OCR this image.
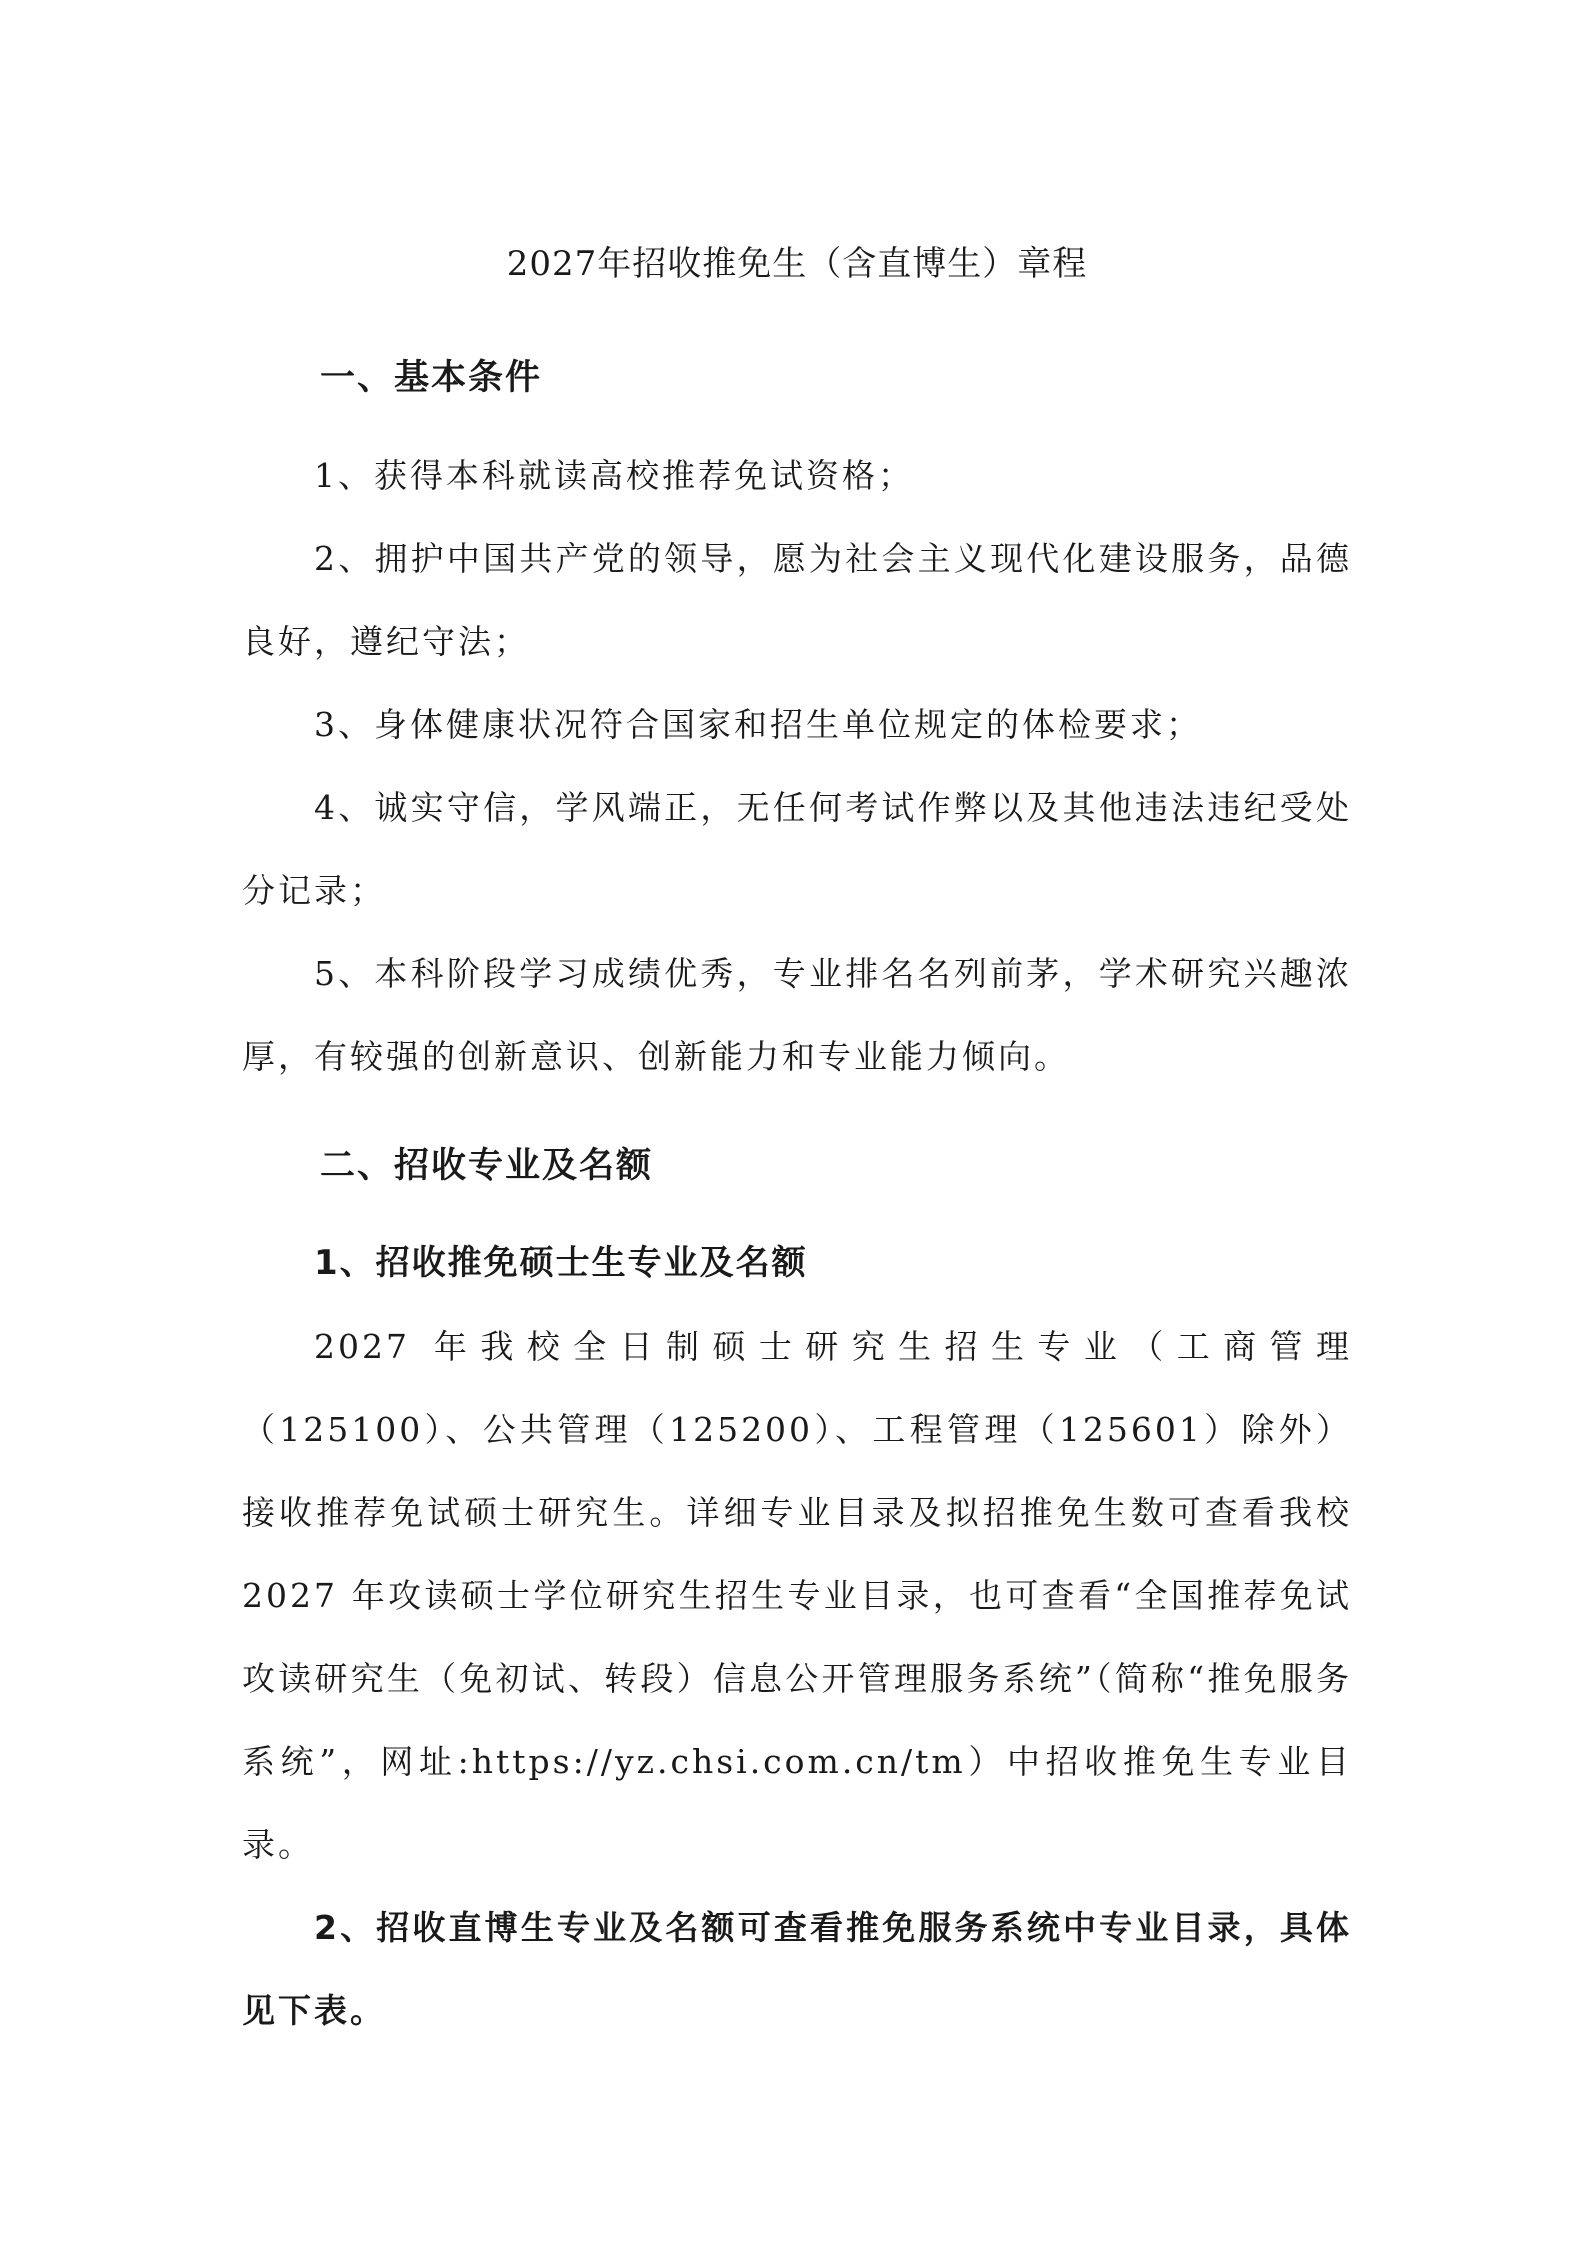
2027年招收推免生（含直博生）章程
一、基本条件

1、获得本科就读高校推荐免试资格；

2、拥护中国共产党的领导，愿为社会主义现代化建设服务，品德良好，遵纪守法；

3、身体健康状况符合国家和招生单位规定的体检要求；

4、诚实守信，学风端正，无任何考试作弊以及其他违法违纪受处分记录；

5、本科阶段学习成绩优秀，专业排名名列前茅，学术研究兴趣浓厚，有较强的创新意识、创新能力和专业能力倾向。

二、招收专业及名额

1、招收推免硕士生专业及名额

2027 年我校全日制硕士研究生招生专业（工商管理（125100）、公共管理（125200）、工程管理（125601）除外）接收推荐免试硕士研究生。详细专业目录及拟招推免生数可查看我校 2027 年攻读硕士学位研究生招生专业目录，也可查看“全国推荐免试攻读研究生（免初试、转段）信息公开管理服务系统”（简称“推免服务系统”，网址:https://yz.chsi.com.cn/tm）中招收推免生专业目录。

2、招收直博生专业及名额可查看推免服务系统中专业目录，具体见下表。
